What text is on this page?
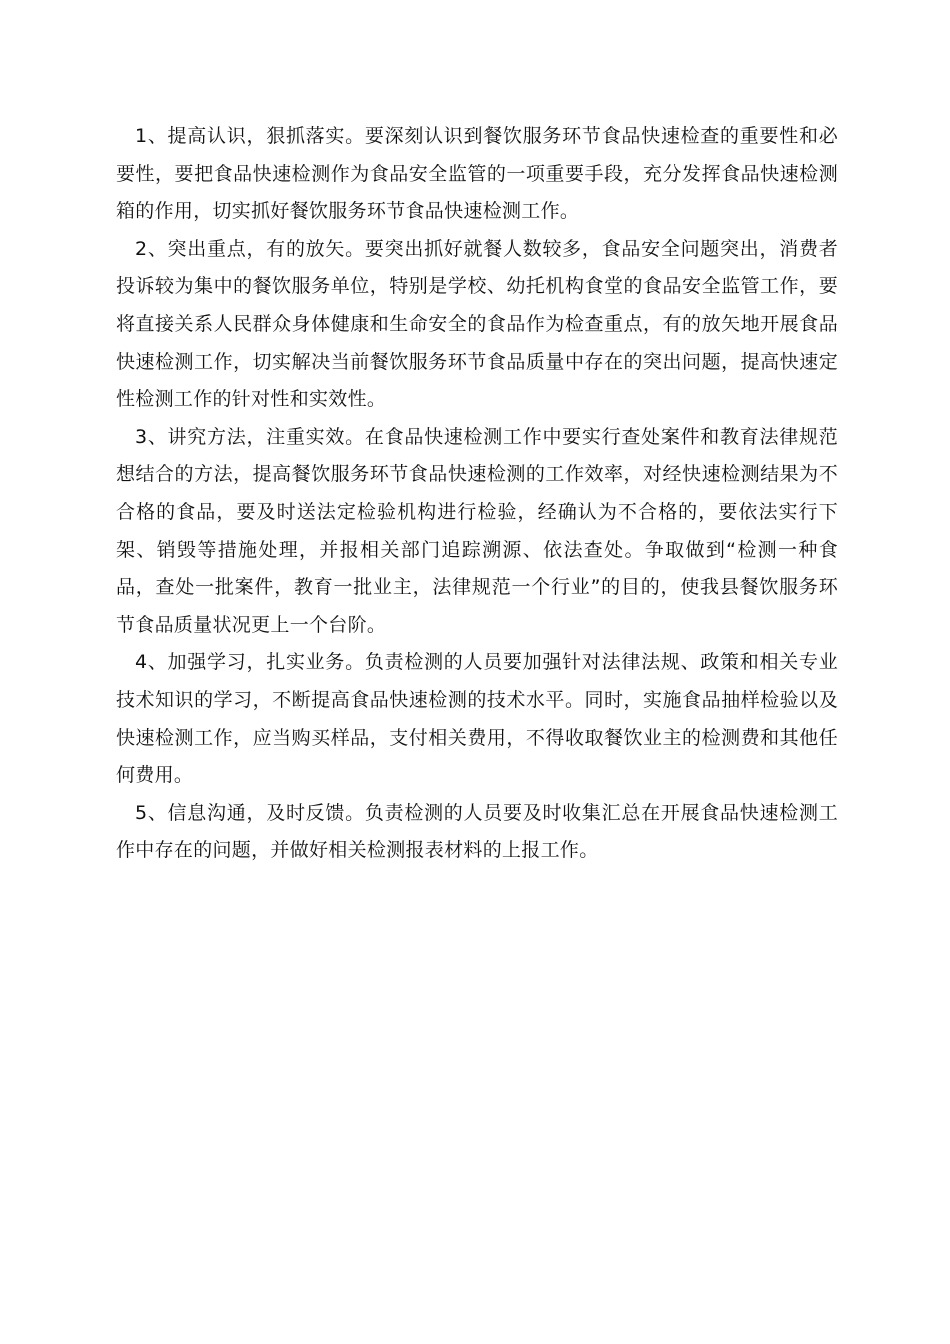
1、提高认识，狠抓落实。要深刻认识到餐饮服务环节食品快速检查的重要性和必要性，要把食品快速检测作为食品安全监管的一项重要手段，充分发挥食品快速检测箱的作用，切实抓好餐饮服务环节食品快速检测工作。

2、突出重点，有的放矢。要突出抓好就餐人数较多，食品安全问题突出，消费者投诉较为集中的餐饮服务单位，特别是学校、幼托机构食堂的食品安全监管工作，要将直接关系人民群众身体健康和生命安全的食品作为检查重点，有的放矢地开展食品快速检测工作，切实解决当前餐饮服务环节食品质量中存在的突出问题，提高快速定性检测工作的针对性和实效性。

3、讲究方法，注重实效。在食品快速检测工作中要实行查处案件和教育法律规范想结合的方法，提高餐饮服务环节食品快速检测的工作效率，对经快速检测结果为不合格的食品，要及时送法定检验机构进行检验，经确认为不合格的，要依法实行下架、销毁等措施处理，并报相关部门追踪溯源、依法查处。争取做到“检测一种食品，查处一批案件，教育一批业主，法律规范一个行业”的目的，使我县餐饮服务环节食品质量状况更上一个台阶。

4、加强学习，扎实业务。负责检测的人员要加强针对法律法规、政策和相关专业技术知识的学习，不断提高食品快速检测的技术水平。同时，实施食品抽样检验以及快速检测工作，应当购买样品，支付相关费用，不得收取餐饮业主的检测费和其他任何费用。

5、信息沟通，及时反馈。负责检测的人员要及时收集汇总在开展食品快速检测工作中存在的问题，并做好相关检测报表材料的上报工作。
